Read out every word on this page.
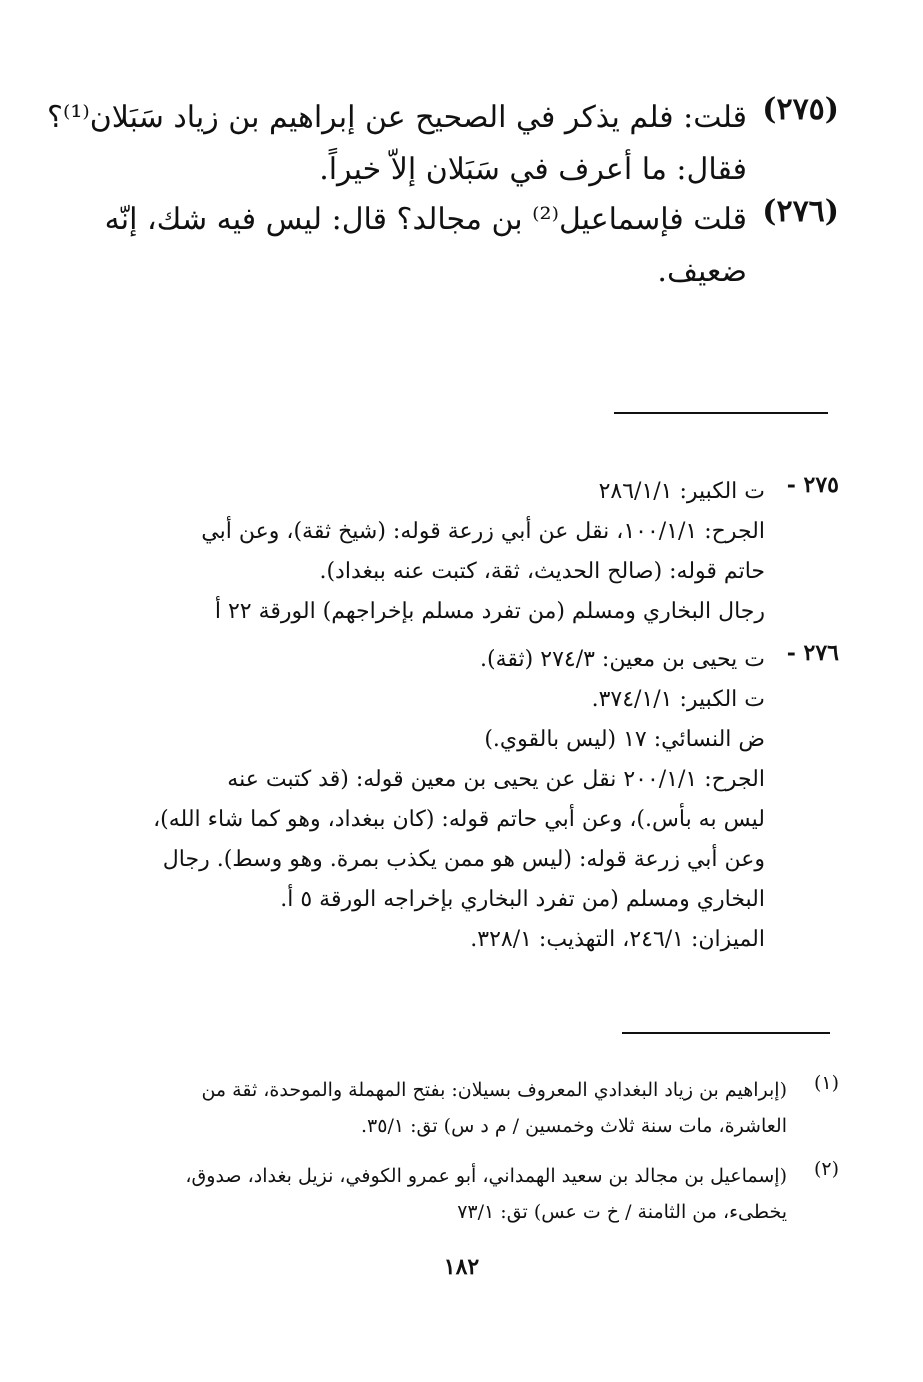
(٢٧٥)
قلت: فلم يذكر في الصحيح عن إبراهيم بن زياد سَبَلان⁽¹⁾؟
فقال: ما أعرف في سَبَلان إلاّ خيراً.
(٢٧٦)
قلت فإسماعيل⁽²⁾ بن مجالد؟ قال: ليس فيه شك، إنّه
ضعيف.
٢٧٥ -
ت الكبير: ٢٨٦/١/١
الجرح: ١٠٠/١/١، نقل عن أبي زرعة قوله: (شيخ ثقة)، وعن أبي
حاتم قوله: (صالح الحديث، ثقة، كتبت عنه ببغداد).
رجال البخاري ومسلم (من تفرد مسلم بإخراجهم) الورقة ٢٢ أ
٢٧٦ -
ت يحيى بن معين: ٢٧٤/٣ (ثقة).
ت الكبير: ٣٧٤/١/١.
ض النسائي: ١٧ (ليس بالقوي.)
الجرح: ٢٠٠/١/١ نقل عن يحيى بن معين قوله: (قد كتبت عنه
ليس به بأس.)، وعن أبي حاتم قوله: (كان ببغداد، وهو كما شاء الله)،
وعن أبي زرعة قوله: (ليس هو ممن يكذب بمرة. وهو وسط). رجال
البخاري ومسلم (من تفرد البخاري بإخراجه الورقة ٥ أ.
الميزان: ٢٤٦/١، التهذيب: ٣٢٨/١.
(١)
(إبراهيم بن زياد البغدادي المعروف بسيلان: بفتح المهملة والموحدة، ثقة من
العاشرة، مات سنة ثلاث وخمسين / م د س) تق: ٣٥/١.
(٢)
(إسماعيل بن مجالد بن سعيد الهمداني، أبو عمرو الكوفي، نزيل بغداد، صدوق،
يخطىء، من الثامنة / خ ت عس) تق: ٧٣/١
١٨٢
